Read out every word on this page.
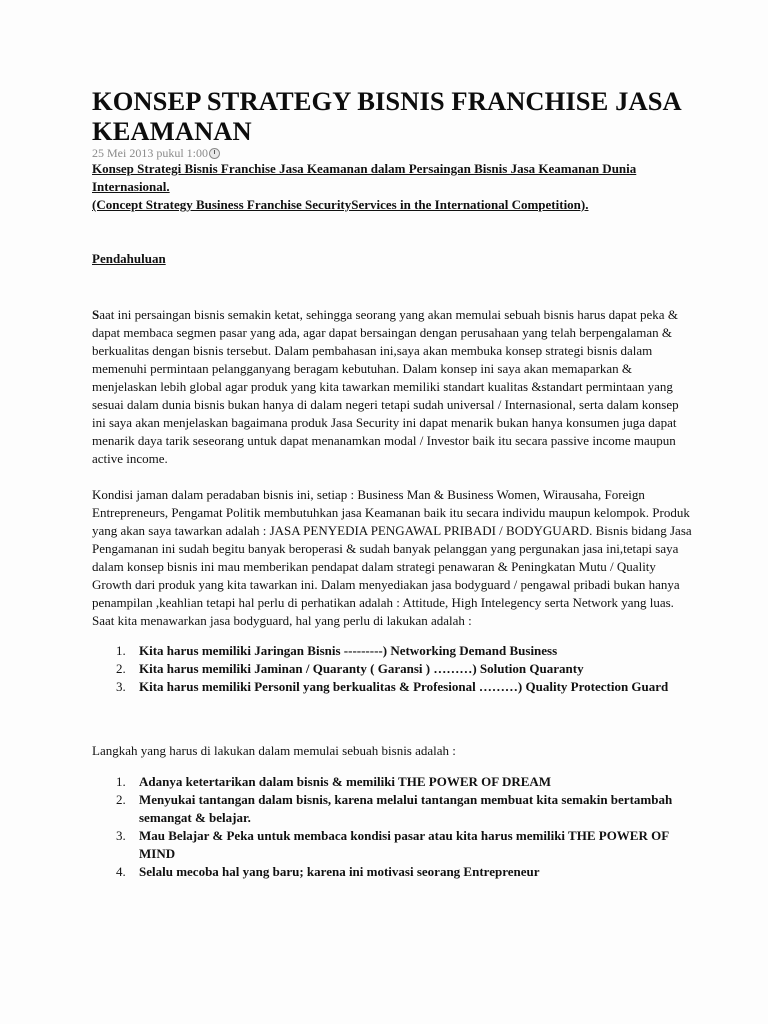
KONSEP STRATEGY BISNIS FRANCHISE JASA KEAMANAN
25 Mei 2013 pukul 1:00
Konsep Strategi Bisnis Franchise Jasa Keamanan dalam Persaingan Bisnis Jasa Keamanan Dunia Internasional.
(Concept Strategy Business Franchise SecurityServices in the International Competition).
Pendahuluan

Saat ini persaingan bisnis semakin ketat, sehingga seorang yang akan memulai sebuah bisnis harus dapat peka & dapat membaca segmen pasar yang ada, agar dapat bersaingan dengan perusahaan yang telah berpengalaman & berkualitas dengan bisnis tersebut. Dalam pembahasan ini,saya akan membuka konsep strategi bisnis dalam memenuhi permintaan pelangganyang beragam kebutuhan. Dalam konsep ini saya akan memaparkan & menjelaskan lebih global agar produk yang kita tawarkan memiliki standart kualitas &standart permintaan yang sesuai dalam dunia bisnis bukan hanya di dalam negeri tetapi sudah universal / Internasional, serta dalam konsep ini saya akan menjelaskan bagaimana produk Jasa Security ini dapat menarik bukan hanya konsumen juga dapat menarik daya tarik seseorang untuk dapat menanamkan modal / Investor baik itu secara passive income maupun active income.

Kondisi jaman dalam peradaban bisnis ini, setiap : Business Man & Business Women, Wirausaha, Foreign Entrepreneurs, Pengamat Politik membutuhkan jasa Keamanan baik itu secara individu maupun kelompok. Produk yang akan saya tawarkan adalah : JASA PENYEDIA PENGAWAL PRIBADI / BODYGUARD. Bisnis bidang Jasa Pengamanan ini sudah begitu banyak beroperasi & sudah banyak pelanggan yang pergunakan jasa ini,tetapi saya dalam konsep bisnis ini mau memberikan pendapat dalam strategi penawaran & Peningkatan Mutu / Quality Growth dari produk yang kita tawarkan ini. Dalam menyediakan jasa bodyguard / pengawal pribadi bukan hanya penampilan ,keahlian tetapi hal perlu di perhatikan adalah : Attitude, High Intelegency serta Network yang luas.

Saat kita menawarkan jasa bodyguard, hal yang perlu di lakukan adalah :

1. Kita harus memiliki Jaringan Bisnis ---------) Networking Demand Business
2. Kita harus memiliki Jaminan / Quaranty ( Garansi ) ………) Solution Quaranty
3. Kita harus memiliki Personil yang berkualitas & Profesional ………) Quality Protection Guard

Langkah yang harus di lakukan dalam memulai sebuah bisnis adalah :

1. Adanya ketertarikan dalam bisnis & memiliki THE POWER OF DREAM
2. Menyukai tantangan dalam bisnis, karena melalui tantangan membuat kita semakin bertambah semangat & belajar.
3. Mau Belajar & Peka untuk membaca kondisi pasar atau kita harus memiliki THE POWER OF MIND
4. Selalu mecoba hal yang baru; karena ini motivasi seorang Entrepreneur
